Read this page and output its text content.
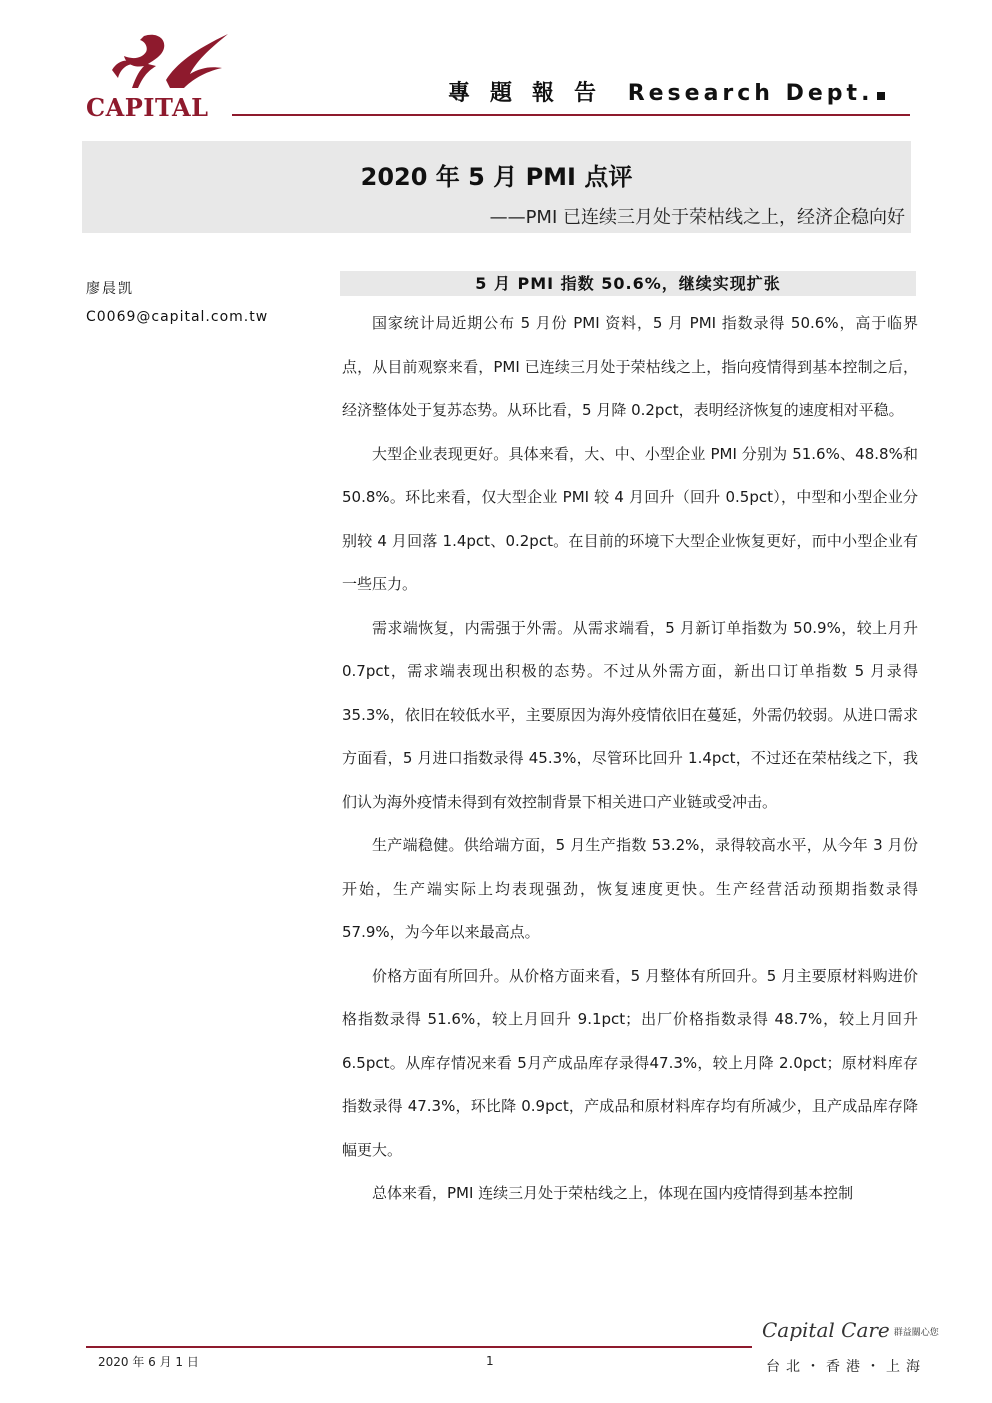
CAPITAL	專題報告 Research Dept.
2020 年 5 月 PMI 点评
——PMI 已连续三月处于荣枯线之上，经济企稳向好
廖晨凯
C0069@capital.com.tw
5 月 PMI 指数 50.6%，继续实现扩张

国家统计局近期公布 5 月份 PMI 资料，5 月 PMI 指数录得 50.6%，高于临界点，从目前观察来看，PMI 已连续三月处于荣枯线之上，指向疫情得到基本控制之后，经济整体处于复苏态势。从环比看，5 月降 0.2pct，表明经济恢复的速度相对平稳。

大型企业表现更好。具体来看，大、中、小型企业 PMI 分别为 51.6%、48.8%和 50.8%。环比来看，仅大型企业 PMI 较 4 月回升（回升 0.5pct），中型和小型企业分别较 4 月回落 1.4pct、0.2pct。在目前的环境下大型企业恢复更好，而中小型企业有一些压力。

需求端恢复，内需强于外需。从需求端看，5 月新订单指数为 50.9%，较上月升 0.7pct，需求端表现出积极的态势。不过从外需方面，新出口订单指数 5 月录得 35.3%，依旧在较低水平，主要原因为海外疫情依旧在蔓延，外需仍较弱。从进口需求方面看，5 月进口指数录得 45.3%，尽管环比回升 1.4pct，不过还在荣枯线之下，我们认为海外疫情未得到有效控制背景下相关进口产业链或受冲击。

生产端稳健。供给端方面，5 月生产指数 53.2%，录得较高水平，从今年 3 月份开始，生产端实际上均表现强劲，恢复速度更快。生产经营活动预期指数录得 57.9%，为今年以来最高点。

价格方面有所回升。从价格方面来看，5 月整体有所回升。5 月主要原材料购进价格指数录得 51.6%，较上月回升 9.1pct；出厂价格指数录得 48.7%，较上月回升6.5pct。从库存情况来看 5月产成品库存录得47.3%，较上月降 2.0pct；原材料库存指数录得 47.3%，环比降 0.9pct，产成品和原材料库存均有所减少，且产成品库存降幅更大。

总体来看，PMI 连续三月处于荣枯线之上，体现在国内疫情得到基本控制

2020 年 6 月 1 日	1
Capital Care 群益關心您
台北・香港・上海
